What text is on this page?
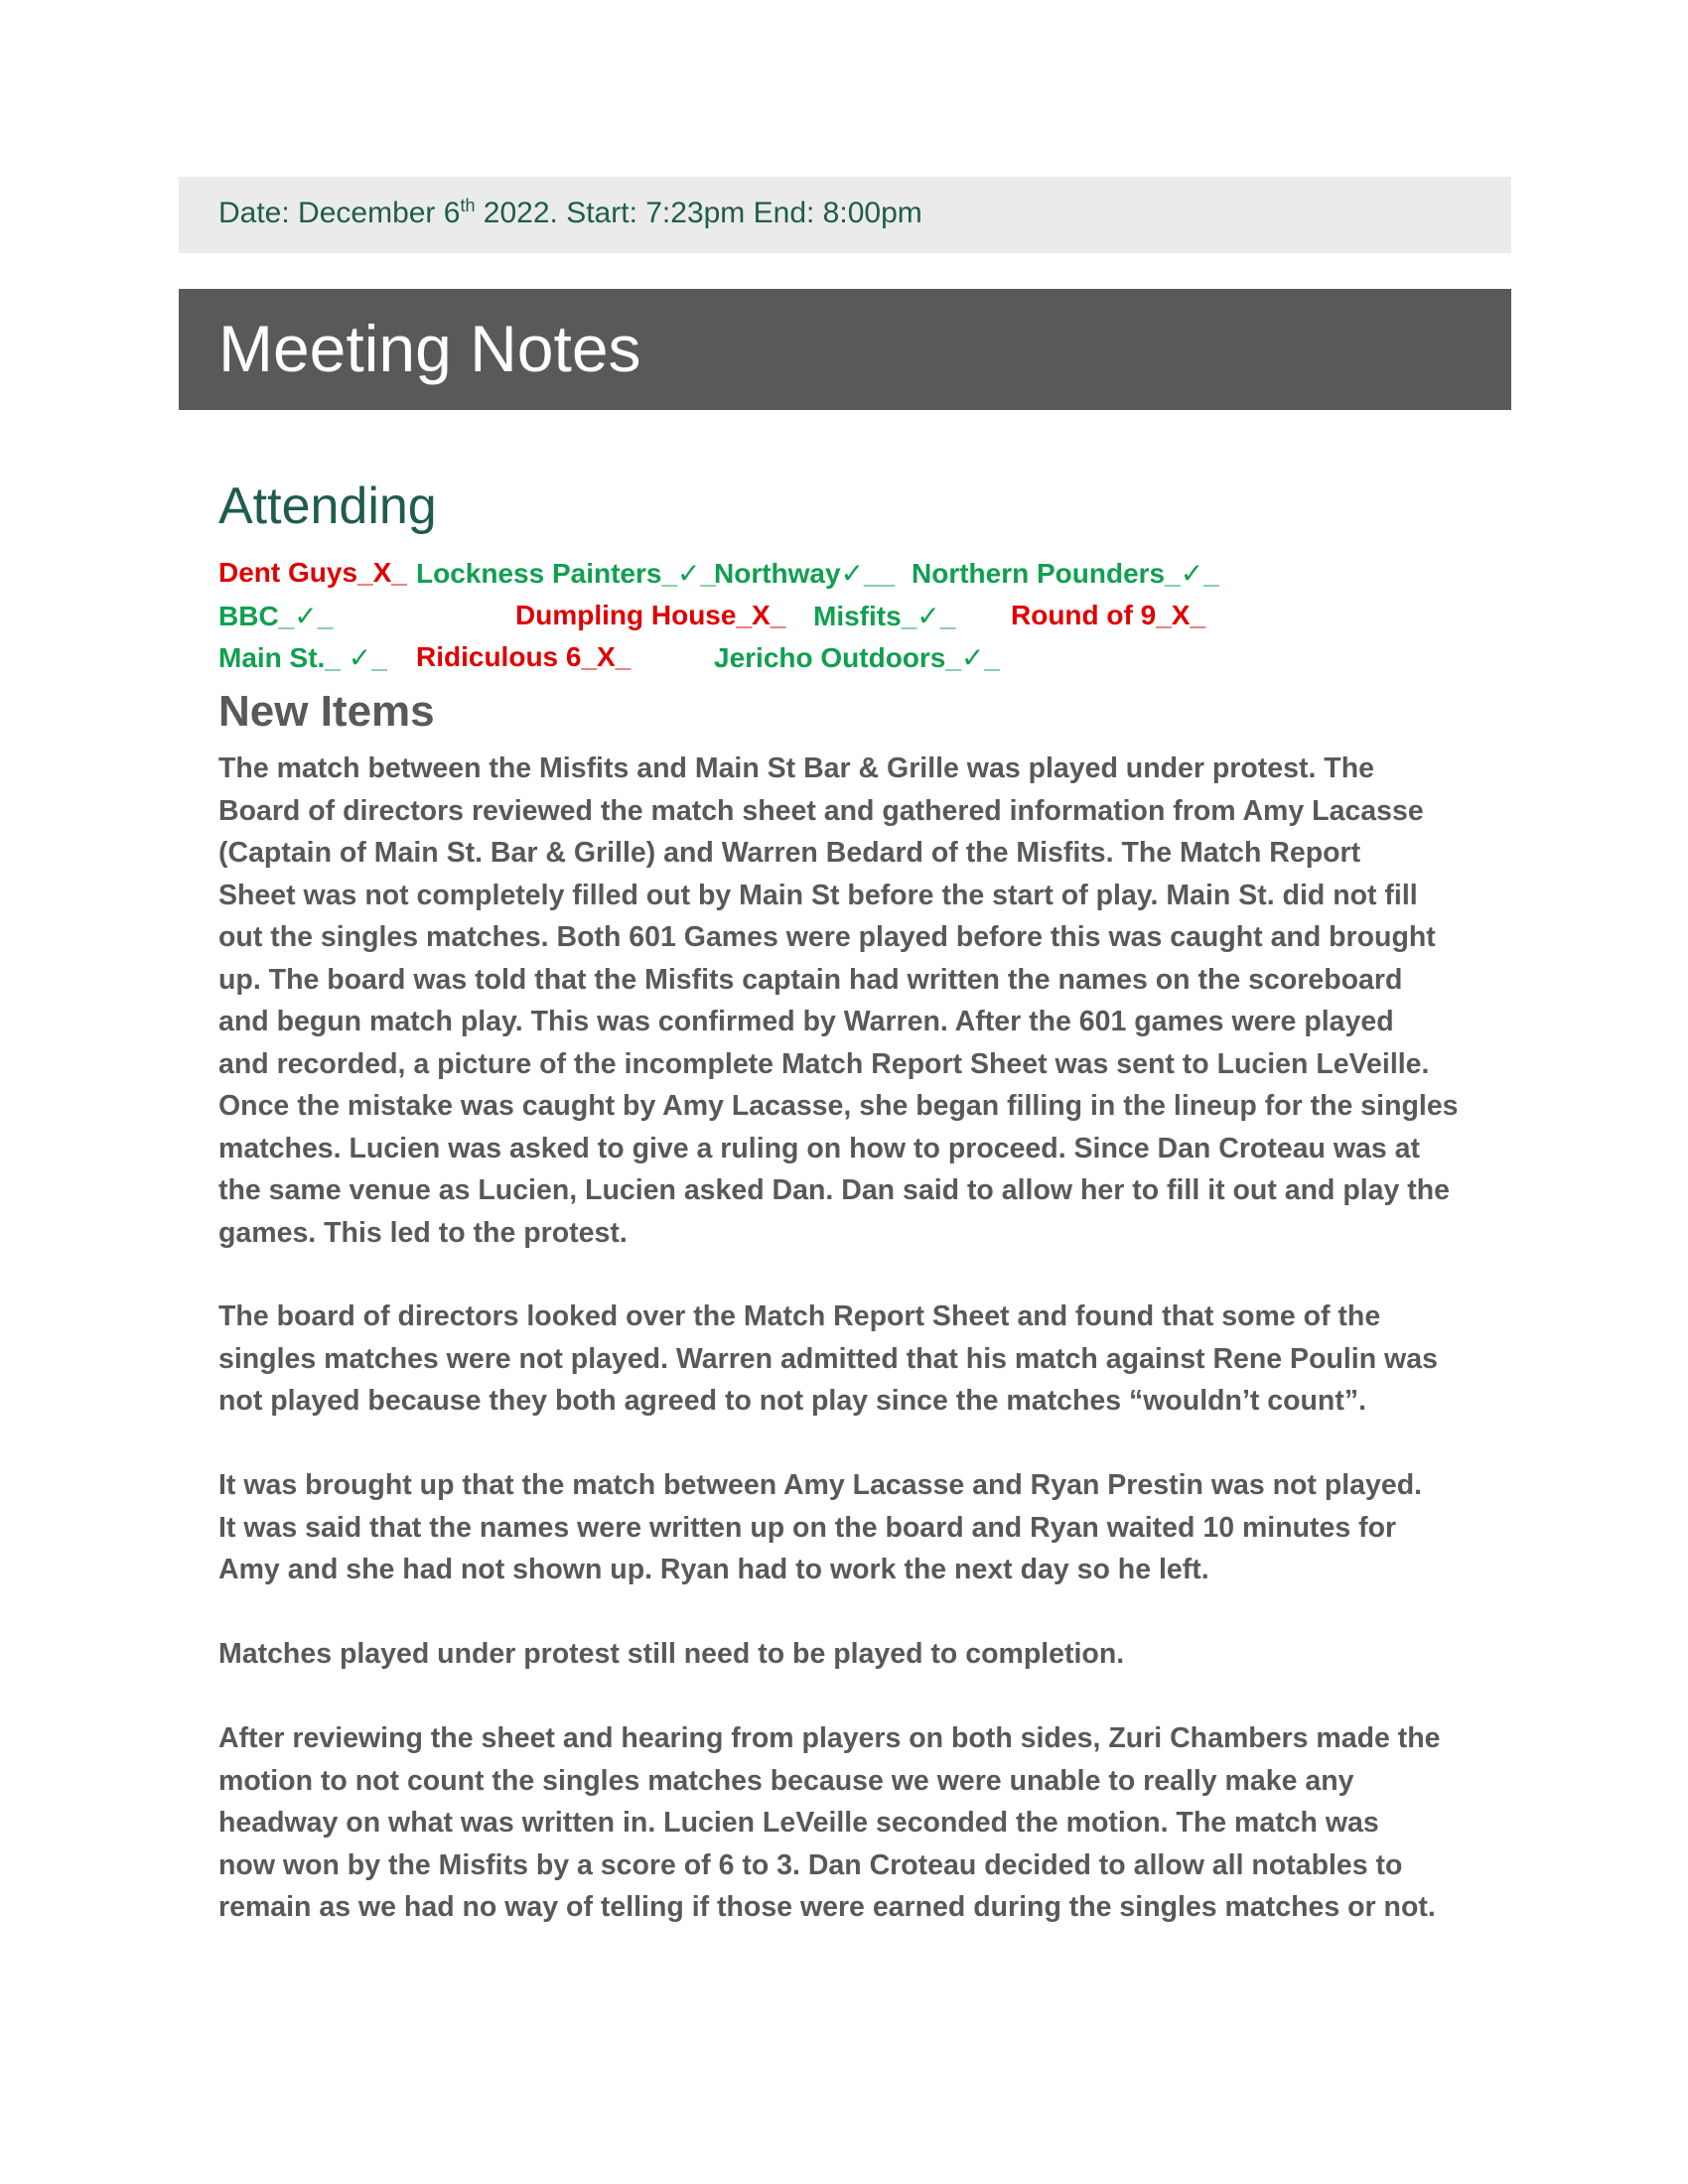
Date: December 6th 2022. Start: 7:23pm End: 8:00pm
Meeting Notes
Attending
Dent Guys_X_ Lockness Painters_✓_
Northway✓__ Northern Pounders_✓_
BBC_✓_	Dumpling House_X_ Misfits_✓_ Round of 9_X_
Main St._ ✓_ Ridiculous 6_X_	Jericho Outdoors_✓_
New Items

The match between the Misfits and Main St Bar & Grille was played under protest. The
Board of directors reviewed the match sheet and gathered information from Amy Lacasse
(Captain of Main St. Bar & Grille) and Warren Bedard of the Misfits. The Match Report
Sheet was not completely filled out by Main St before the start of play. Main St. did not fill
out the singles matches. Both 601 Games were played before this was caught and brought
up. The board was told that the Misfits captain had written the names on the scoreboard
and begun match play. This was confirmed by Warren. After the 601 games were played
and recorded, a picture of the incomplete Match Report Sheet was sent to Lucien LeVeille.
Once the mistake was caught by Amy Lacasse, she began filling in the lineup for the singles
matches. Lucien was asked to give a ruling on how to proceed. Since Dan Croteau was at
the same venue as Lucien, Lucien asked Dan. Dan said to allow her to fill it out and play the
games. This led to the protest.

The board of directors looked over the Match Report Sheet and found that some of the
singles matches were not played. Warren admitted that his match against Rene Poulin was
not played because they both agreed to not play since the matches “wouldn’t count”.

It was brought up that the match between Amy Lacasse and Ryan Prestin was not played.
It was said that the names were written up on the board and Ryan waited 10 minutes for
Amy and she had not shown up. Ryan had to work the next day so he left.

Matches played under protest still need to be played to completion.

After reviewing the sheet and hearing from players on both sides, Zuri Chambers made the
motion to not count the singles matches because we were unable to really make any
headway on what was written in. Lucien LeVeille seconded the motion. The match was
now won by the Misfits by a score of 6 to 3. Dan Croteau decided to allow all notables to
remain as we had no way of telling if those were earned during the singles matches or not.
